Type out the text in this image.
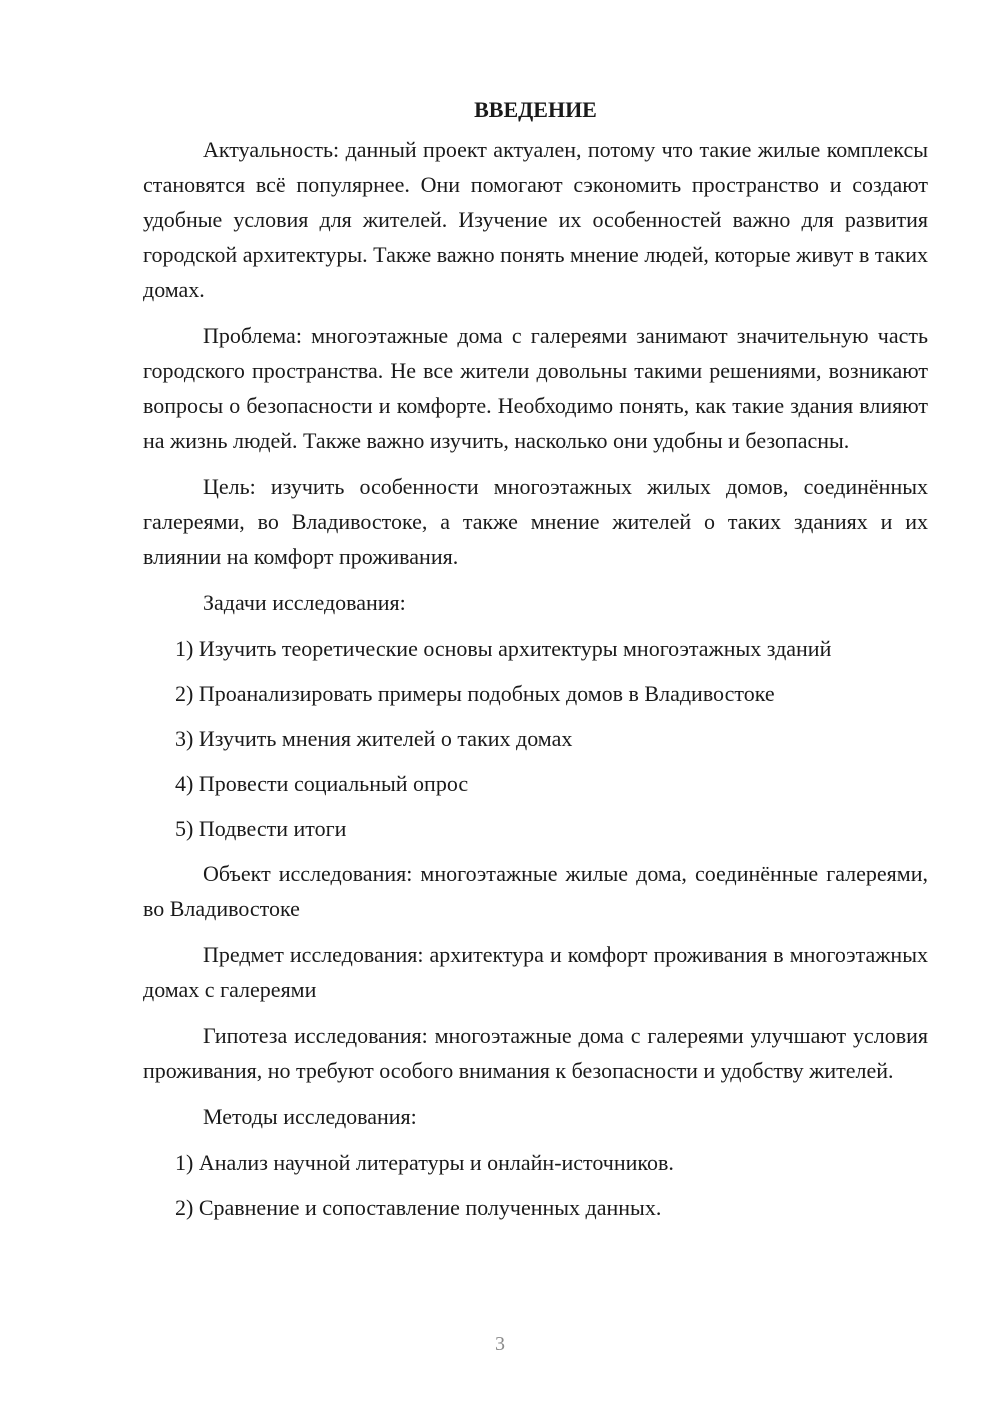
ВВЕДЕНИЕ

Актуальность: данный проект актуален, потому что такие жилые комплексы становятся всё популярнее. Они помогают сэкономить пространство и создают удобные условия для жителей. Изучение их особенностей важно для развития городской архитектуры. Также важно понять мнение людей, которые живут в таких домах.

Проблема: многоэтажные дома с галереями занимают значительную часть городского пространства. Не все жители довольны такими решениями, возникают вопросы о безопасности и комфорте. Необходимо понять, как такие здания влияют на жизнь людей. Также важно изучить, насколько они удобны и безопасны.

Цель: изучить особенности многоэтажных жилых домов, соединённых галереями, во Владивостоке, а также мнение жителей о таких зданиях и их влиянии на комфорт проживания.

Задачи исследования:

1) Изучить теоретические основы архитектуры многоэтажных зданий
2) Проанализировать примеры подобных домов в Владивостоке
3) Изучить мнения жителей о таких домах
4) Провести социальный опрос
5) Подвести итоги

Объект исследования: многоэтажные жилые дома, соединённые галереями, во Владивостоке

Предмет исследования: архитектура и комфорт проживания в многоэтажных домах с галереями

Гипотеза исследования: многоэтажные дома с галереями улучшают условия проживания, но требуют особого внимания к безопасности и удобству жителей.

Методы исследования:

1) Анализ научной литературы и онлайн-источников.
2) Сравнение и сопоставление полученных данных.
3
